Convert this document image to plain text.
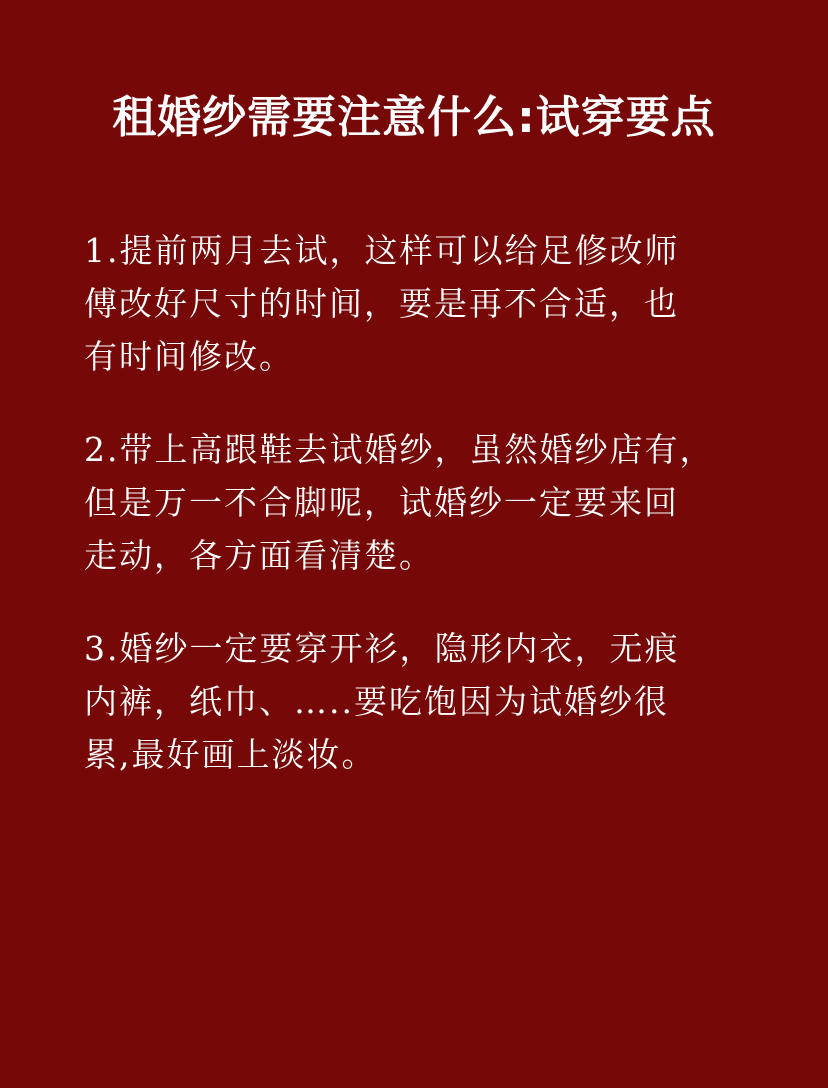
租婚纱需要注意什么:试穿要点
1.提前两月去试，这样可以给足修改师
傅改好尺寸的时间，要是再不合适，也
有时间修改。
2.带上高跟鞋去试婚纱，虽然婚纱店有，
但是万一不合脚呢，试婚纱一定要来回
走动，各方面看清楚。
3.婚纱一定要穿开衫，隐形内衣，无痕
内裤，纸巾、…..要吃饱因为试婚纱很
累,最好画上淡妆。
